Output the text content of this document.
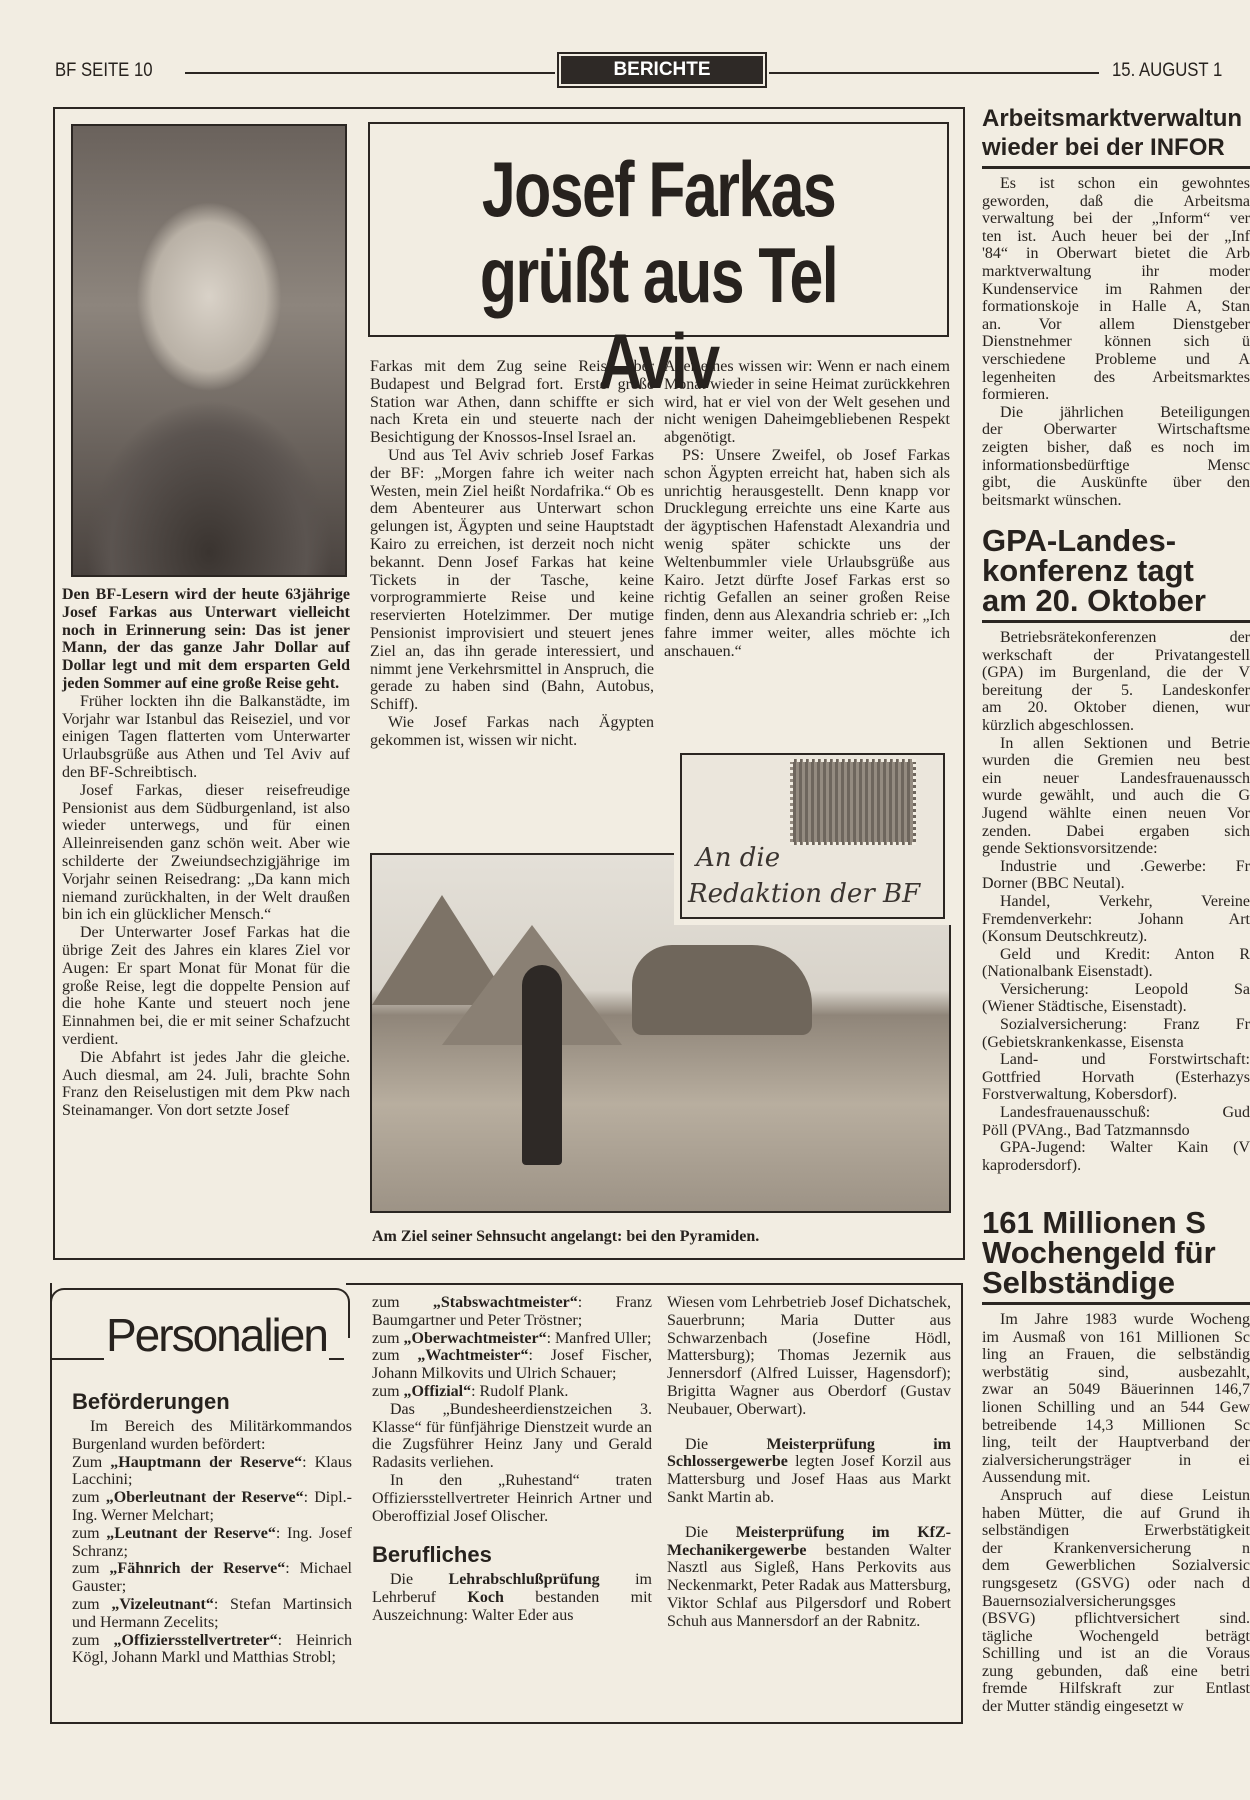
BF SEITE 10	BERICHTE	15. AUGUST 1
Josef Farkas
grüßt aus Tel Aviv

Den BF-Lesern wird der heute 63jährige Josef Farkas aus Unterwart vielleicht noch in Erinnerung sein: Das ist jener Mann, der das ganze Jahr Dollar auf Dollar legt und mit dem ersparten Geld jeden Sommer auf eine große Reise geht.

Früher lockten ihn die Balkanstädte, im Vorjahr war Istanbul das Reiseziel, und vor einigen Tagen flatterten vom Unterwarter Urlaubsgrüße aus Athen und Tel Aviv auf den BF-Schreibtisch.

Josef Farkas, dieser reisefreudige Pensionist aus dem Südburgenland, ist also wieder unterwegs, und für einen Alleinreisenden ganz schön weit. Aber wie schilderte der Zweiundsechzigjährige im Vorjahr seinen Reisedrang: „Da kann mich niemand zurückhalten, in der Welt draußen bin ich ein glücklicher Mensch.“

Der Unterwarter Josef Farkas hat die übrige Zeit des Jahres ein klares Ziel vor Augen: Er spart Monat für Monat für die große Reise, legt die doppelte Pension auf die hohe Kante und steuert noch jene Einnahmen bei, die er mit seiner Schafzucht verdient.

Die Abfahrt ist jedes Jahr die gleiche. Auch diesmal, am 24. Juli, brachte Sohn Franz den Reiselustigen mit dem Pkw nach Steinamanger. Von dort setzte Josef

Farkas mit dem Zug seine Reise über Budapest und Belgrad fort. Erste große Station war Athen, dann schiffte er sich nach Kreta ein und steuerte nach der Besichtigung der Knossos-Insel Israel an.

Und aus Tel Aviv schrieb Josef Farkas der BF: „Morgen fahre ich weiter nach Westen, mein Ziel heißt Nordafrika.“ Ob es dem Abenteurer aus Unterwart schon gelungen ist, Ägypten und seine Hauptstadt Kairo zu erreichen, ist derzeit noch nicht bekannt. Denn Josef Farkas hat keine Tickets in der Tasche, keine vorprogrammierte Reise und keine reservierten Hotelzimmer. Der mutige Pensionist improvisiert und steuert jenes Ziel an, das ihn gerade interessiert, und nimmt jene Verkehrsmittel in Anspruch, die gerade zu haben sind (Bahn, Autobus, Schiff).

Wie Josef Farkas nach Ägypten gekommen ist, wissen wir nicht.

Aber eines wissen wir: Wenn er nach einem Monat wieder in seine Heimat zurückkehren wird, hat er viel von der Welt gesehen und nicht wenigen Daheimgebliebenen Respekt abgenötigt.

PS: Unsere Zweifel, ob Josef Farkas schon Ägypten erreicht hat, haben sich als unrichtig herausgestellt. Denn knapp vor Drucklegung erreichte uns eine Karte aus der ägyptischen Hafenstadt Alexandria und wenig später schickte uns der Weltenbummler viele Urlaubsgrüße aus Kairo. Jetzt dürfte Josef Farkas erst so richtig Gefallen an seiner großen Reise finden, denn aus Alexandria schrieb er: „Ich fahre immer weiter, alles möchte ich anschauen.“

An die
Redaktion der BF
Am Ziel seiner Sehnsucht angelangt: bei den Pyramiden.
Personalien
Beförderungen

Im Bereich des Militärkommandos Burgenland wurden befördert:

Zum „Hauptmann der Reserve“: Klaus Lacchini;

zum „Oberleutnant der Reserve“: Dipl.-Ing. Werner Melchart;

zum „Leutnant der Reserve“: Ing. Josef Schranz;

zum „Fähnrich der Reserve“: Michael Gauster;

zum „Vizeleutnant“: Stefan Martinsich und Hermann Zecelits;

zum „Offiziersstellvertreter“: Heinrich Kögl, Johann Markl und Matthias Strobl;

zum „Stabswachtmeister“: Franz Baumgartner und Peter Tröstner;

zum „Oberwachtmeister“: Manfred Uller;

zum „Wachtmeister“: Josef Fischer, Johann Milkovits und Ulrich Schauer;

zum „Offizial“: Rudolf Plank.

Das „Bundesheerdienstzeichen 3. Klasse“ für fünfjährige Dienstzeit wurde an die Zugsführer Heinz Jany und Gerald Radasits verliehen.

In den „Ruhestand“ traten Offiziersstellvertreter Heinrich Artner und Oberoffizial Josef Olischer.

Berufliches

Die Lehrabschlußprüfung im Lehrberuf Koch bestanden mit Auszeichnung: Walter Eder aus

Wiesen vom Lehrbetrieb Josef Dichatschek, Sauerbrunn; Maria Dutter aus Schwarzenbach (Josefine Hödl, Mattersburg); Thomas Jezernik aus Jennersdorf (Alfred Luisser, Hagensdorf); Brigitta Wagner aus Oberdorf (Gustav Neubauer, Oberwart).

Die Meisterprüfung im Schlossergewerbe legten Josef Korzil aus Mattersburg und Josef Haas aus Markt Sankt Martin ab.

Die Meisterprüfung im KfZ-Mechanikergewerbe bestanden Walter Nasztl aus Sigleß, Hans Perkovits aus Neckenmarkt, Peter Radak aus Mattersburg, Viktor Schlaf aus Pilgersdorf und Robert Schuh aus Mannersdorf an der Rabnitz.

Arbeitsmarktverwaltun
wieder bei der INFOR
Es ist schon ein gewohntes
geworden, daß die Arbeitsma
verwaltung bei der „Inform“ ver
ten ist. Auch heuer bei der „Inf
'84“ in Oberwart bietet die Arb
marktverwaltung ihr moder
Kundenservice im Rahmen der
formationskoje in Halle A, Stan
an. Vor allem Dienstgeber
Dienstnehmer können sich ü
verschiedene Probleme und A
legenheiten des Arbeitsmarktes
formieren.
Die jährlichen Beteiligungen
der Oberwarter Wirtschaftsme
zeigten bisher, daß es noch im
informationsbedürftige Mensc
gibt, die Auskünfte über den
beitsmarkt wünschen.
GPA-Landes-
konferenz tagt
am 20. Oktober
Betriebsrätekonferenzen der
werkschaft der Privatangestell
(GPA) im Burgenland, die der V
bereitung der 5. Landeskonfer
am 20. Oktober dienen, wur
kürzlich abgeschlossen.
In allen Sektionen und Betrie
wurden die Gremien neu best
ein neuer Landesfrauenaussch
wurde gewählt, und auch die G
Jugend wählte einen neuen Vor
zenden. Dabei ergaben sich
gende Sektionsvorsitzende:
Industrie und .Gewerbe: Fr
Dorner (BBC Neutal).
Handel, Verkehr, Vereine
Fremdenverkehr: Johann Art
(Konsum Deutschkreutz).
Geld und Kredit: Anton R
(Nationalbank Eisenstadt).
Versicherung: Leopold Sa
(Wiener Städtische, Eisenstadt).
Sozialversicherung: Franz Fr
(Gebietskrankenkasse, Eisensta
Land- und Forstwirtschaft:
Gottfried Horvath (Esterhazys
Forstverwaltung, Kobersdorf).
Landesfrauenausschuß: Gud
Pöll (PVAng., Bad Tatzmannsdo
GPA-Jugend: Walter Kain (V
kaprodersdorf).
161 Millionen S
Wochengeld für
Selbständige
Im Jahre 1983 wurde Wocheng
im Ausmaß von 161 Millionen Sc
ling an Frauen, die selbständig
werbstätig sind, ausbezahlt,
zwar an 5049 Bäuerinnen 146,7
lionen Schilling und an 544 Gew
betreibende 14,3 Millionen Sc
ling, teilt der Hauptverband der
zialversicherungsträger in ei
Aussendung mit.
Anspruch auf diese Leistun
haben Mütter, die auf Grund ih
selbständigen Erwerbstätigkeit
der Krankenversicherung n
dem Gewerblichen Sozialversic
rungsgesetz (GSVG) oder nach d
Bauernsozialversicherungsges
(BSVG) pflichtversichert sind.
tägliche Wochengeld beträgt
Schilling und ist an die Voraus
zung gebunden, daß eine betri
fremde Hilfskraft zur Entlast
der Mutter ständig eingesetzt w
